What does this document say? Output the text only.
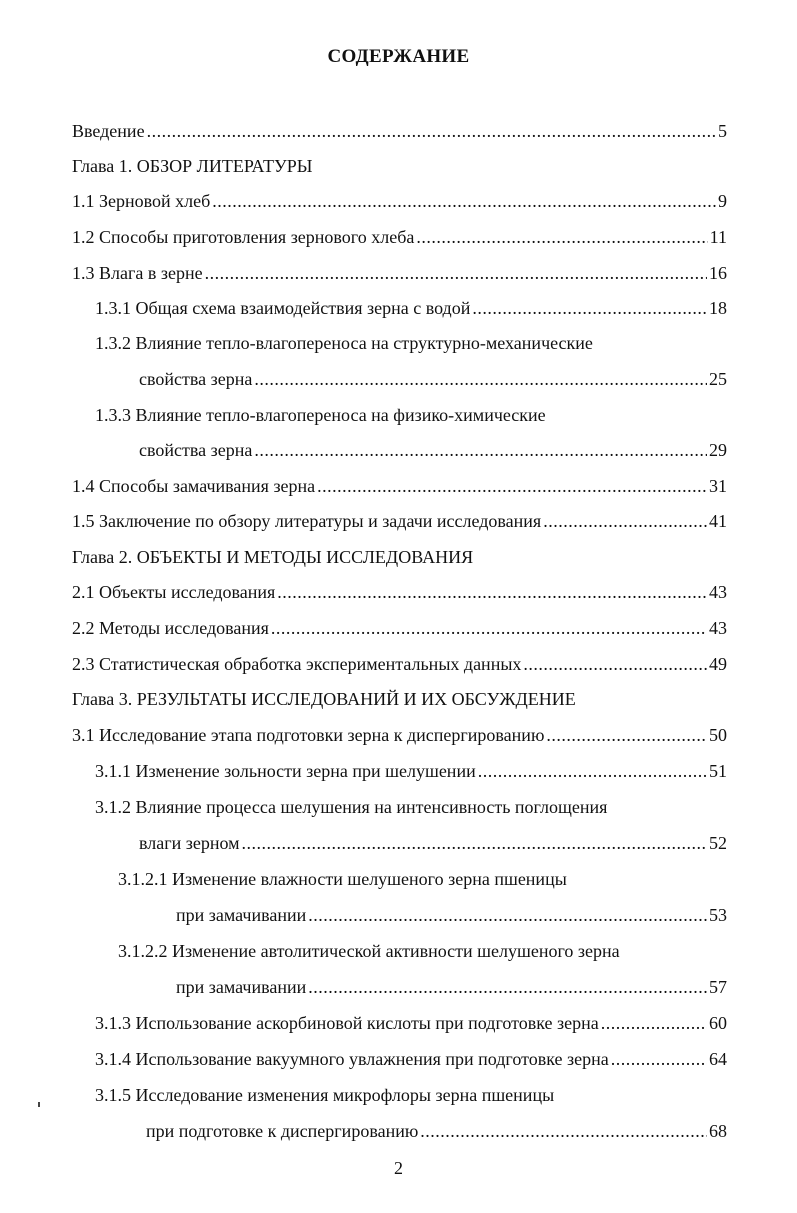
СОДЕРЖАНИЕ
Введение .....	5
Глава 1. ОБЗОР ЛИТЕРАТУРЫ
1.1 Зерновой хлеб .....	9
1.2 Способы приготовления зернового хлеба .....	11
1.3 Влага в зерне .....	16
1.3.1 Общая схема взаимодействия зерна с водой .....	18
1.3.2 Влияние тепло-влагопереноса на структурно-механические
свойства зерна .....	25
1.3.3 Влияние тепло-влагопереноса на физико-химические
свойства зерна .....	29
1.4 Способы замачивания зерна .....	31
1.5 Заключение по обзору литературы и задачи исследования .....	41
Глава 2. ОБЪЕКТЫ И МЕТОДЫ ИССЛЕДОВАНИЯ
2.1 Объекты исследования .....	43
2.2 Методы исследования .....	43
2.3 Статистическая обработка экспериментальных данных .....	49
Глава 3. РЕЗУЛЬТАТЫ ИССЛЕДОВАНИЙ И ИХ ОБСУЖДЕНИЕ
3.1 Исследование этапа подготовки зерна к диспергированию .....	50
3.1.1 Изменение зольности зерна при шелушении .....	51
3.1.2 Влияние процесса шелушения на интенсивность поглощения
влаги зерном .....	52
3.1.2.1 Изменение влажности шелушеного зерна пшеницы
при замачивании .....	53
3.1.2.2 Изменение автолитической активности шелушеного зерна
при замачивании .....	57
3.1.3 Использование аскорбиновой кислоты при подготовке зерна .....	60
3.1.4 Использование вакуумного увлажнения при подготовке зерна .....	64
3.1.5 Исследование изменения микрофлоры зерна пшеницы
при подготовке к диспергированию .....	68
2
